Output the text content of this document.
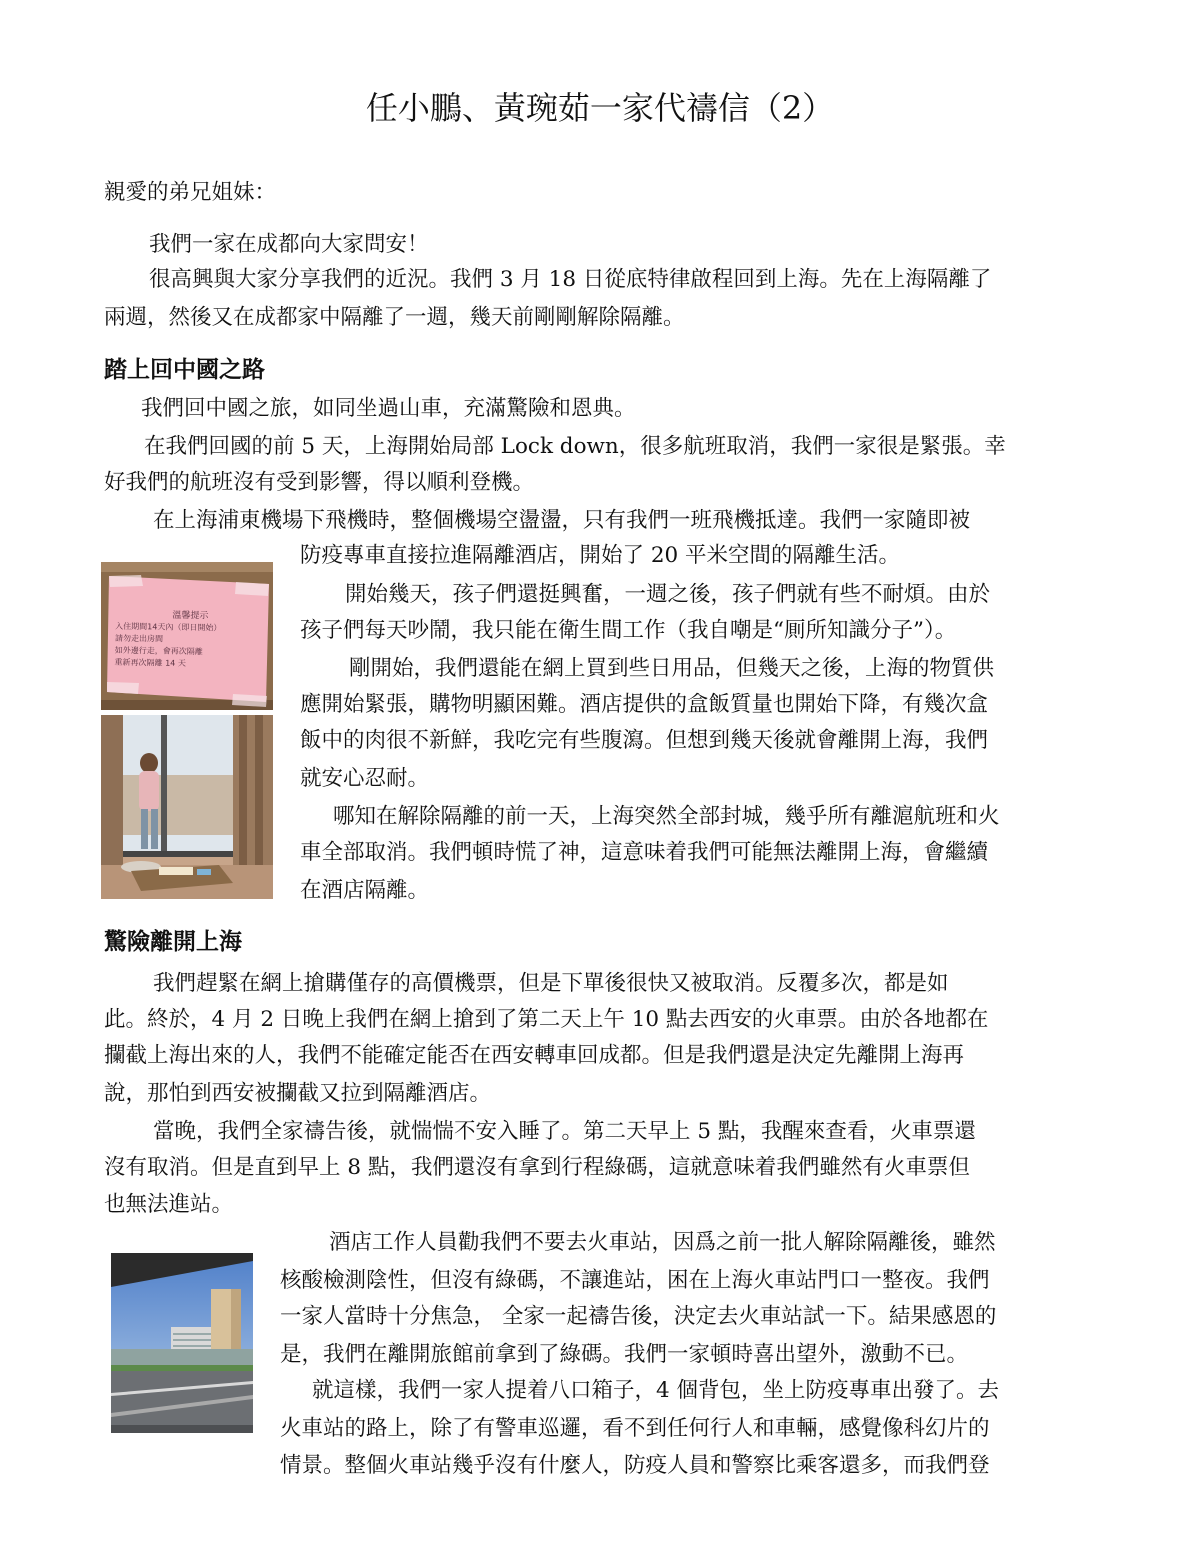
任小鵬、黃琬茹一家代禱信（2）
親愛的弟兄姐妹：
我們一家在成都向大家問安！
很高興與大家分享我們的近況。我們 3 月 18 日從底特律啟程回到上海。先在上海隔離了
兩週，然後又在成都家中隔離了一週，幾天前剛剛解除隔離。
踏上回中國之路
我們回中國之旅，如同坐過山車，充滿驚險和恩典。
在我們回國的前 5 天，上海開始局部 Lock down，很多航班取消，我們一家很是緊張。幸
好我們的航班沒有受到影響，得以順利登機。
在上海浦東機場下飛機時，整個機場空盪盪，只有我們一班飛機抵達。我們一家隨即被
防疫專車直接拉進隔離酒店，開始了 20 平米空間的隔離生活。
開始幾天，孩子們還挺興奮，一週之後，孩子們就有些不耐煩。由於
孩子們每天吵鬧，我只能在衛生間工作（我自嘲是“厠所知識分子”）。
剛開始，我們還能在網上買到些日用品，但幾天之後，上海的物質供
應開始緊張，購物明顯困難。酒店提供的盒飯質量也開始下降，有幾次盒
飯中的肉很不新鮮，我吃完有些腹瀉。但想到幾天後就會離開上海，我們
就安心忍耐。
哪知在解除隔離的前一天，上海突然全部封城，幾乎所有離滬航班和火
車全部取消。我們頓時慌了神，這意味着我們可能無法離開上海，會繼續
在酒店隔離。
溫馨提示
入住期間14天內（即日開始）
請勿走出房間
如外邊行走，會再次隔離
重新再次隔離 14 天
驚險離開上海
我們趕緊在網上搶購僅存的高價機票，但是下單後很快又被取消。反覆多次，都是如
此。終於，4 月 2 日晚上我們在網上搶到了第二天上午 10 點去西安的火車票。由於各地都在
攔截上海出來的人，我們不能確定能否在西安轉車回成都。但是我們還是決定先離開上海再
說，那怕到西安被攔截又拉到隔離酒店。
當晚，我們全家禱告後，就惴惴不安入睡了。第二天早上 5 點，我醒來查看，火車票還
沒有取消。但是直到早上 8 點，我們還沒有拿到行程綠碼，這就意味着我們雖然有火車票但
也無法進站。
酒店工作人員勸我們不要去火車站，因爲之前一批人解除隔離後，雖然
核酸檢測陰性，但沒有綠碼，不讓進站，困在上海火車站門口一整夜。我們
一家人當時十分焦急， 全家一起禱告後，決定去火車站試一下。結果感恩的
是，我們在離開旅館前拿到了綠碼。我們一家頓時喜出望外，激動不已。
就這樣，我們一家人提着八口箱子，4 個背包，坐上防疫專車出發了。去
火車站的路上，除了有警車巡邏，看不到任何行人和車輛，感覺像科幻片的
情景。整個火車站幾乎沒有什麼人，防疫人員和警察比乘客還多，而我們登
